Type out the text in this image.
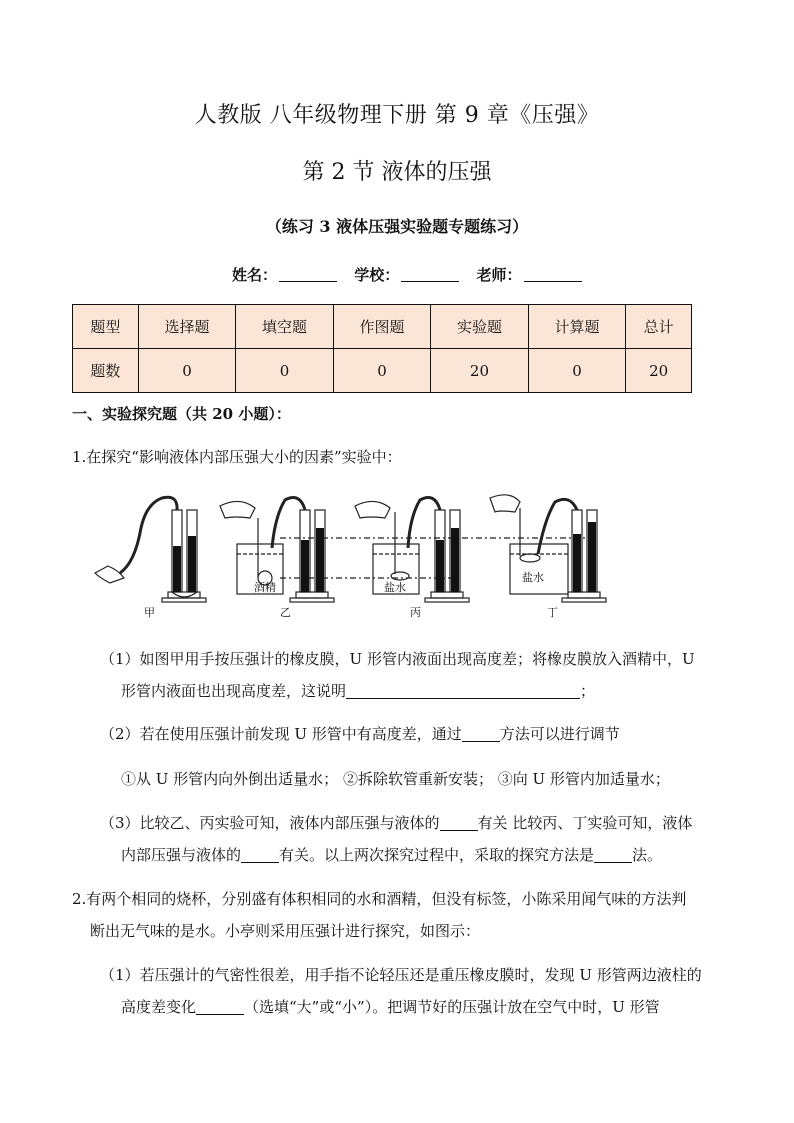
人教版 八年级物理下册 第 9 章《压强》
第 2 节 液体的压强
（练习 3 液体压强实验题专题练习）
姓名：	学校：	老师：
题型	选择题	填空题	作图题	实验题	计算题	总计
题数	0	0	0	20	0	20
一、实验探究题（共 20 小题）：
1.在探究“影响液体内部压强大小的因素”实验中：
酒精	盐水
盐水
甲	乙	丙	丁
（1）如图甲用手按压强计的橡皮膜，U 形管内液面出现高度差；将橡皮膜放入酒精中，U
形管内液面也出现高度差，这说明	；
（2）若在使用压强计前发现 U 形管中有高度差，通过	方法可以进行调节
①从 U 形管内向外倒出适量水； ②拆除软管重新安装； ③向 U 形管内加适量水；
（3）比较乙、丙实验可知，液体内部压强与液体的	有关 比较丙、丁实验可知，液体
内部压强与液体的	有关。以上两次探究过程中，采取的探究方法是	法。
2.有两个相同的烧杯，分别盛有体积相同的水和酒精，但没有标签，小陈采用闻气味的方法判
断出无气味的是水。小亭则采用压强计进行探究，如图示：
（1）若压强计的气密性很差，用手指不论轻压还是重压橡皮膜时，发现 U 形管两边液柱的
高度差变化	（选填“大”或“小”）。把调节好的压强计放在空气中时，U 形管
